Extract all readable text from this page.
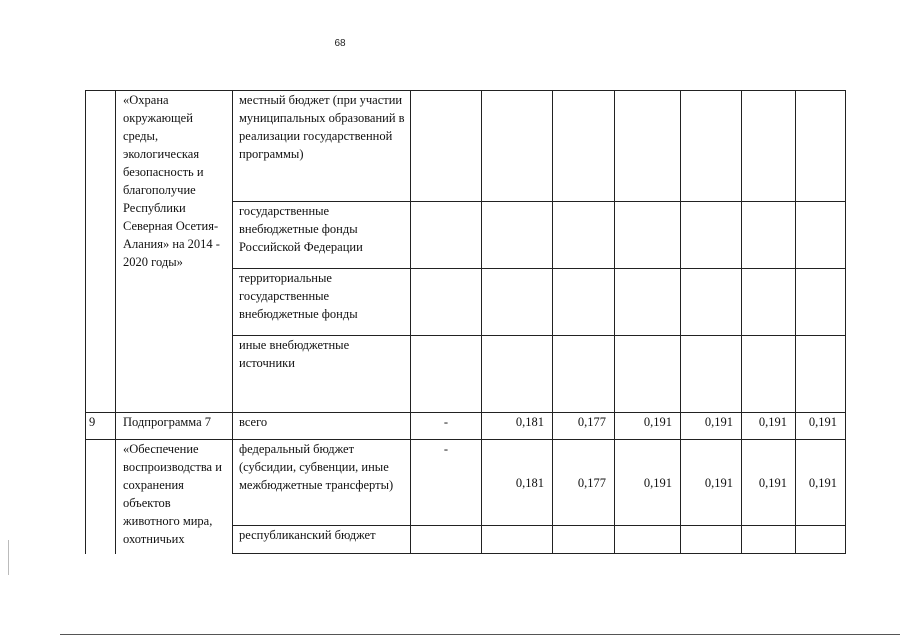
68
	«Охрана окружающей среды, экологическая безопасность и благополучие Республики Северная Осетия-Алания» на 2014 - 2020 годы»	местный бюджет (при участии муниципальных образований в реализации государственной программы)							
		государственные внебюджетные фонды Российской Федерации							
		территориальные государственные внебюджетные фонды							
		иные внебюджетные источники							
9	Подпрограмма 7	всего	-	0,181	0,177	0,191	0,191	0,191	0,191
	«Обеспечение воспроизводства и сохранения объектов животного мира, охотничьих	федеральный бюджет (субсидии, субвенции, иные межбюджетные трансферты)	-	0,181	0,177	0,191	0,191	0,191	0,191
		республиканский бюджет							
